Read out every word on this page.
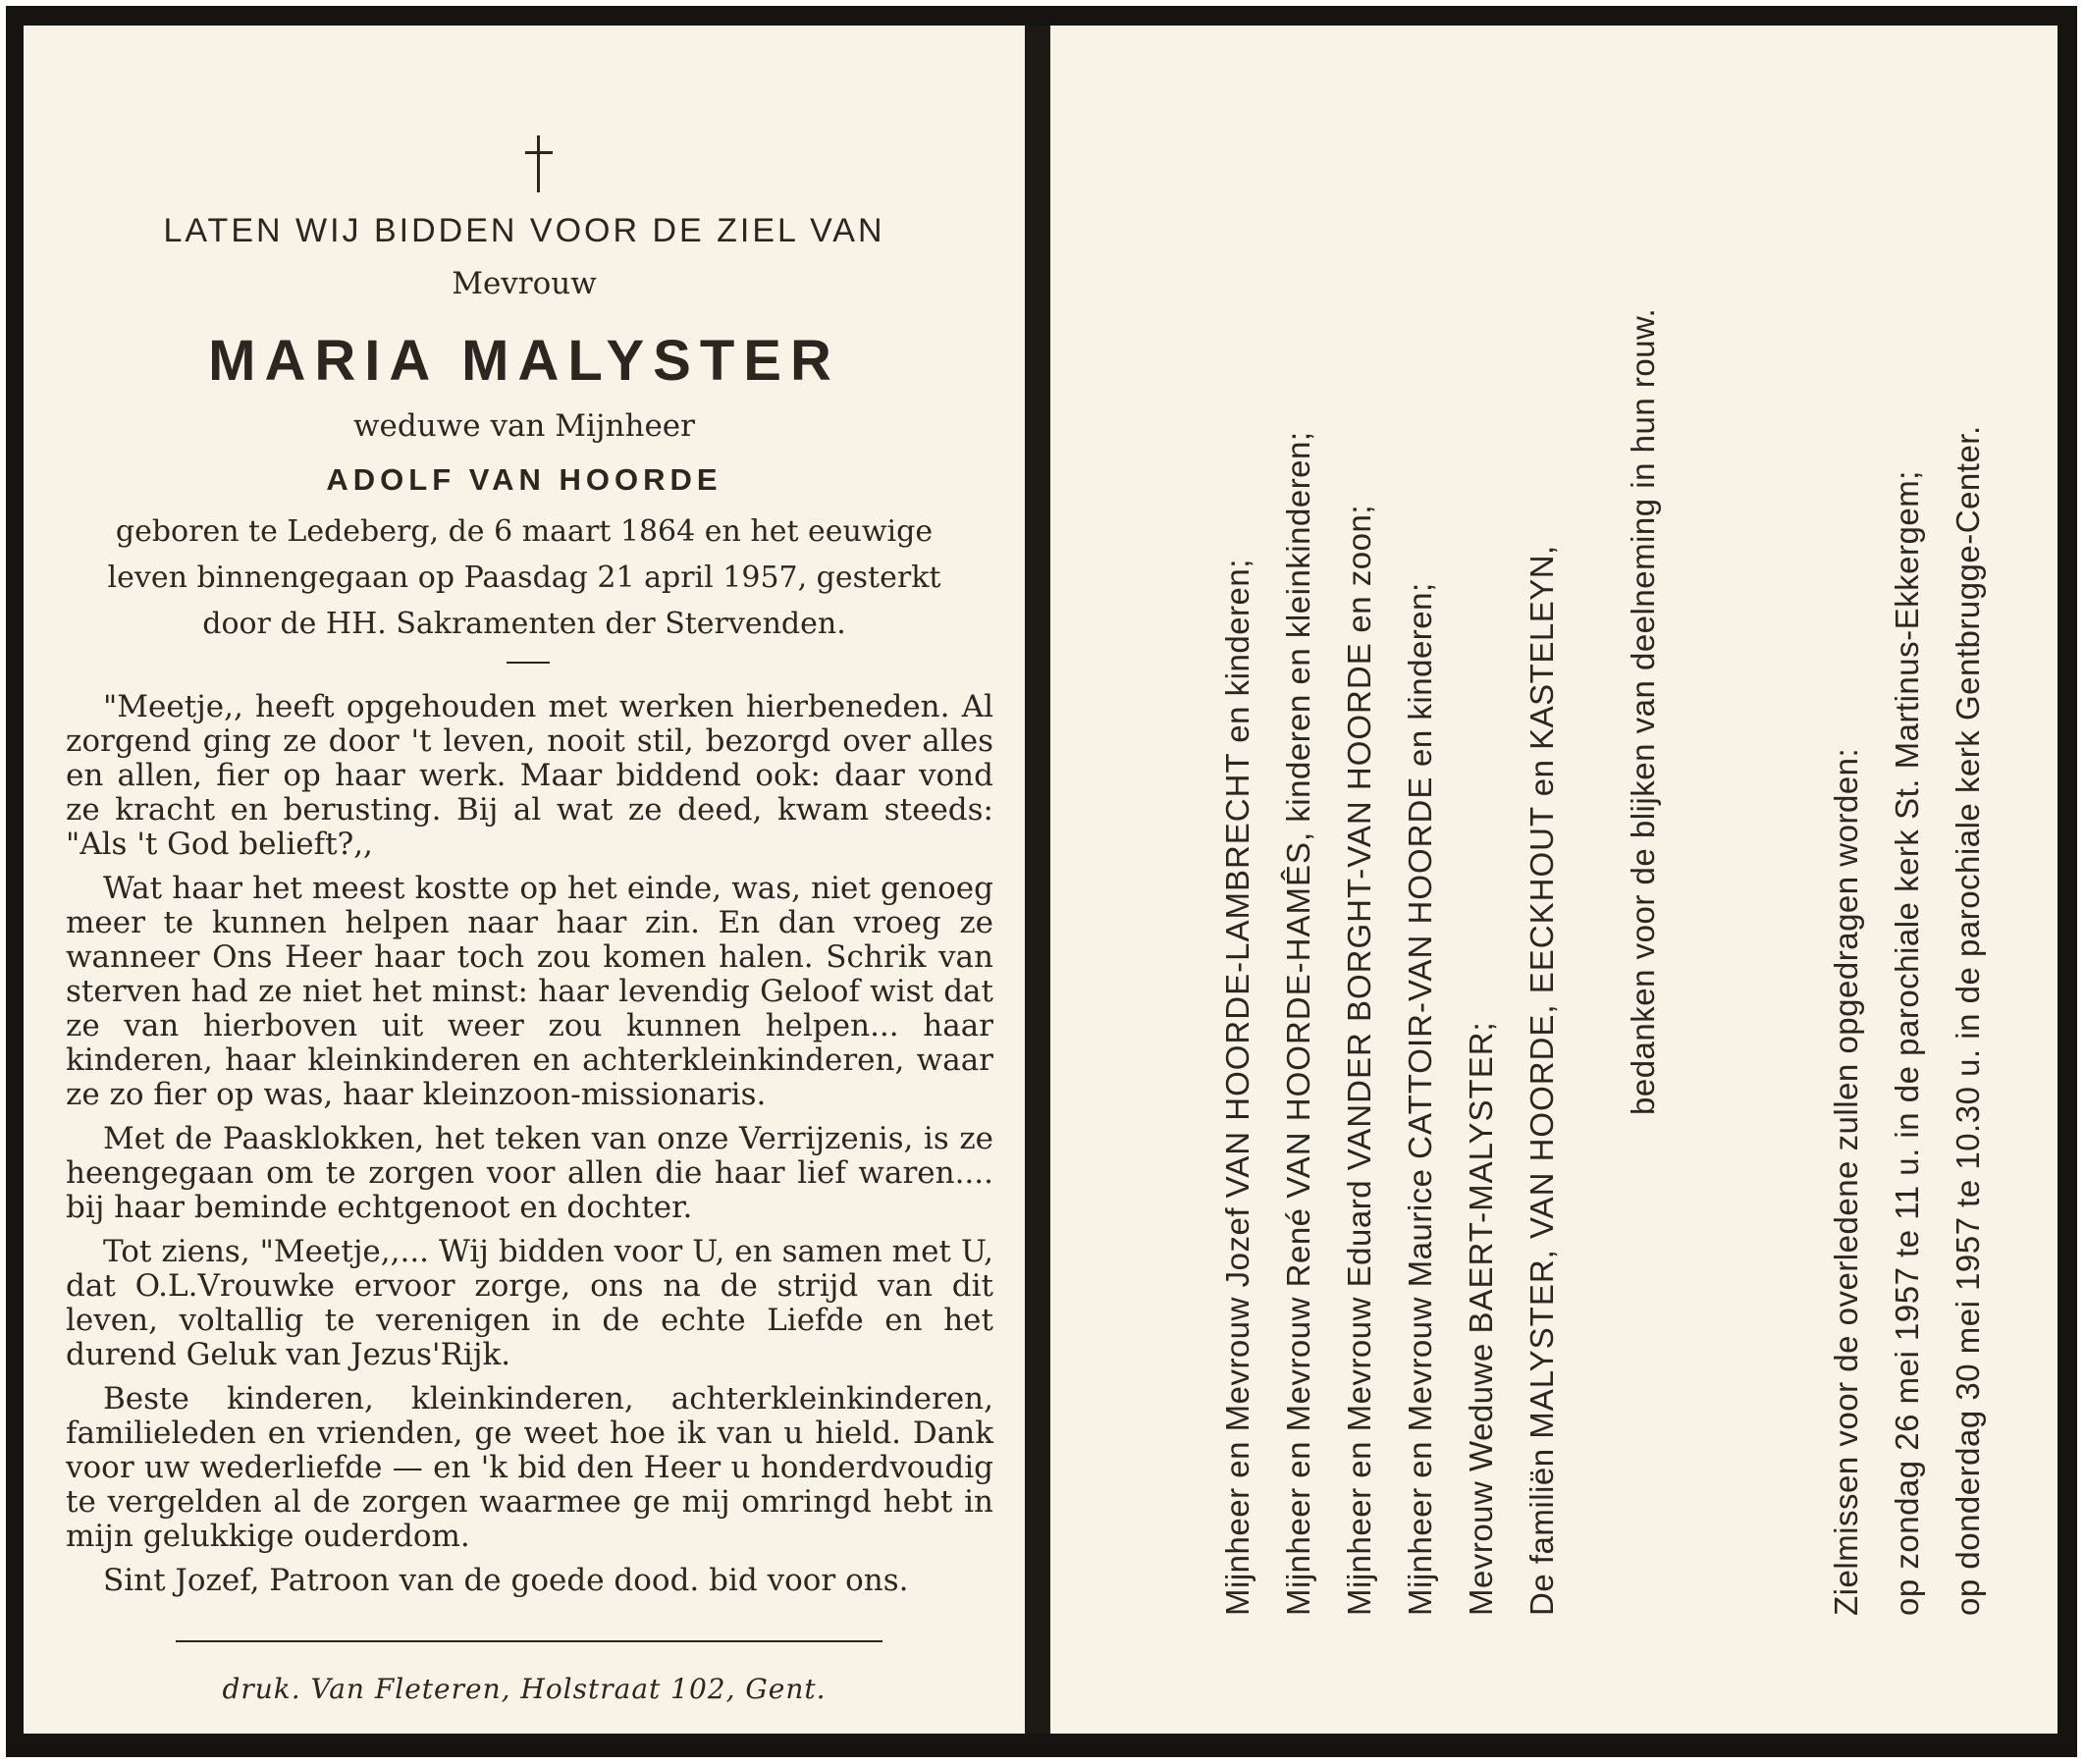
LATEN WIJ BIDDEN VOOR DE ZIEL VAN
Mevrouw
MARIA MALYSTER
weduwe van Mijnheer
ADOLF VAN HOORDE
geboren te Ledeberg, de 6 maart 1864 en het eeuwige
leven binnengegaan op Paasdag 21 april 1957, gesterkt
door de HH. Sakramenten der Stervenden.

"Meetje,, heeft opgehouden met werken hierbeneden. Al zorgend ging ze door 't leven, nooit stil, bezorgd over alles en allen, fier op haar werk. Maar biddend ook: daar vond ze kracht en berusting. Bij al wat ze deed, kwam steeds: "Als 't God belieft?,,

Wat haar het meest kostte op het einde, was, niet genoeg meer te kunnen helpen naar haar zin. En dan vroeg ze wanneer Ons Heer haar toch zou komen halen. Schrik van sterven had ze niet het minst: haar levendig Geloof wist dat ze van hierboven uit weer zou kunnen helpen... haar kinderen, haar kleinkinderen en achterkleinkinderen, waar ze zo fier op was, haar kleinzoon-missionaris.

Met de Paasklokken, het teken van onze Verrijzenis, is ze heengegaan om te zorgen voor allen die haar lief waren.... bij haar beminde echtgenoot en dochter.

Tot ziens, "Meetje,,... Wij bidden voor U, en samen met U, dat O.L.Vrouwke ervoor zorge, ons na de strijd van dit leven, voltallig te verenigen in de echte Liefde en het durend Geluk van Jezus'Rijk.

Beste kinderen, kleinkinderen, achterkleinkinderen, familieleden en vrienden, ge weet hoe ik van u hield. Dank voor uw wederliefde — en 'k bid den Heer u honderdvoudig te vergelden al de zorgen waarmee ge mij omringd hebt in mijn gelukkige ouderdom.

Sint Jozef, Patroon van de goede dood. bid voor ons.

druk. Van Fleteren, Holstraat 102, Gent.
Mijnheer en Mevrouw Jozef VAN HOORDE-LAMBRECHT en kinderen;
Mijnheer en Mevrouw René VAN HOORDE-HAMÊS, kinderen en kleinkinderen;
Mijnheer en Mevrouw Eduard VANDER BORGHT-VAN HOORDE en zoon;
Mijnheer en Mevrouw Maurice CATTOIR-VAN HOORDE en kinderen;
Mevrouw Weduwe BAERT-MALYSTER;
De familiën MALYSTER, VAN HOORDE, EECKHOUT en KASTELEYN,	bedanken voor de blijken van deelneming in hun rouw.
Zielmissen voor de overledene zullen opgedragen worden: op zondag 26 mei 1957 te 11 u. in de parochiale kerk St. Martinus-Ekkergem; op donderdag 30 mei 1957 te 10.30 u. in de parochiale kerk Gentbrugge-Center.
